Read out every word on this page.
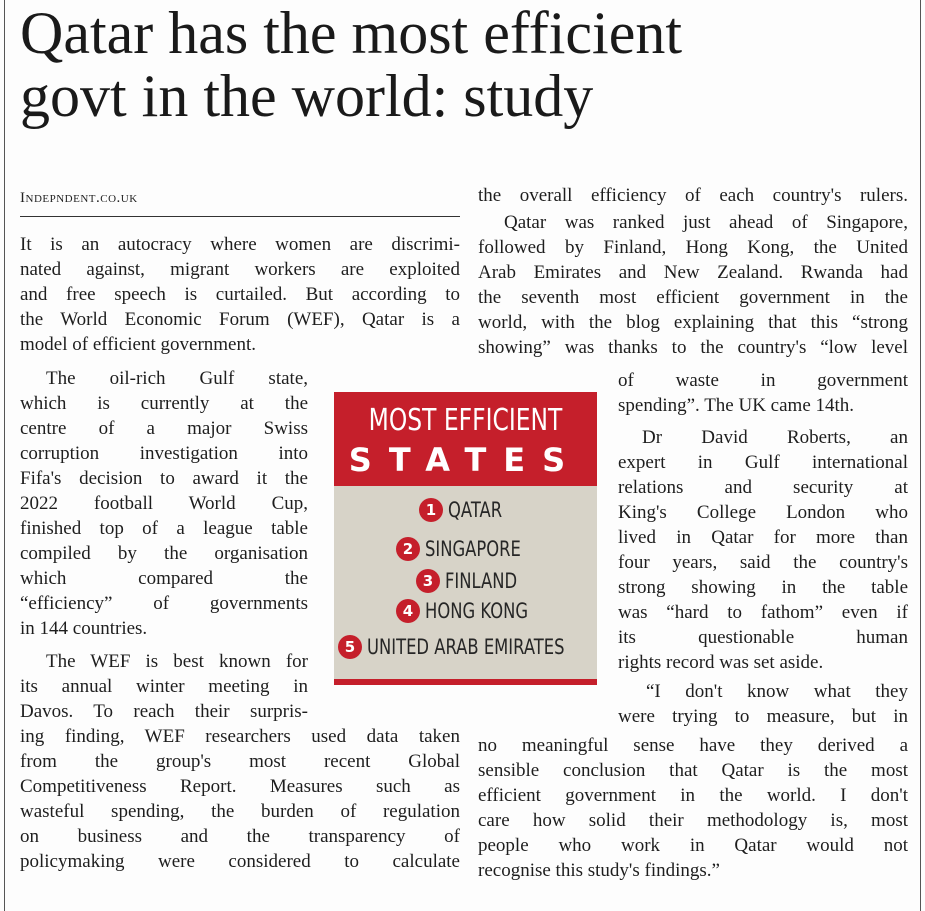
Qatar has the most efficient
govt in the world: study
Indepndent.co.uk

It is an autocracy where women are discrimi-

nated against, migrant workers are exploited

and free speech is curtailed. But according to

the World Economic Forum (WEF), Qatar is a

model of efficient government.

The oil-rich Gulf state,

which is currently at the

centre of a major Swiss

corruption investigation into

Fifa's decision to award it the

2022 football World Cup,

finished top of a league table

compiled by the organisation

which compared the

“efficiency” of governments

in 144 countries.

The WEF is best known for

its annual winter meeting in

Davos. To reach their surpris-

ing finding, WEF researchers used data taken

from the group's most recent Global

Competitiveness Report. Measures such as

wasteful spending, the burden of regulation

on business and the transparency of

policymaking were considered to calculate

the overall efficiency of each country's rulers.

Qatar was ranked just ahead of Singapore,

followed by Finland, Hong Kong, the United

Arab Emirates and New Zealand. Rwanda had

the seventh most efficient government in the

world, with the blog explaining that this “strong

showing” was thanks to the country's “low level

of waste in government

spending”. The UK came 14th.

Dr David Roberts, an

expert in Gulf international

relations and security at

King's College London who

lived in Qatar for more than

four years, said the country's

strong showing in the table

was “hard to fathom” even if

its questionable human

rights record was set aside.

“I don't know what they

were trying to measure, but in

no meaningful sense have they derived a

sensible conclusion that Qatar is the most

efficient government in the world. I don't

care how solid their methodology is, most

people who work in Qatar would not

recognise this study's findings.”

MOST EFFICIENT
STATES
1 QATAR
2 SINGAPORE
3 FINLAND
4 HONG KONG
5 UNITED ARAB EMIRATES
